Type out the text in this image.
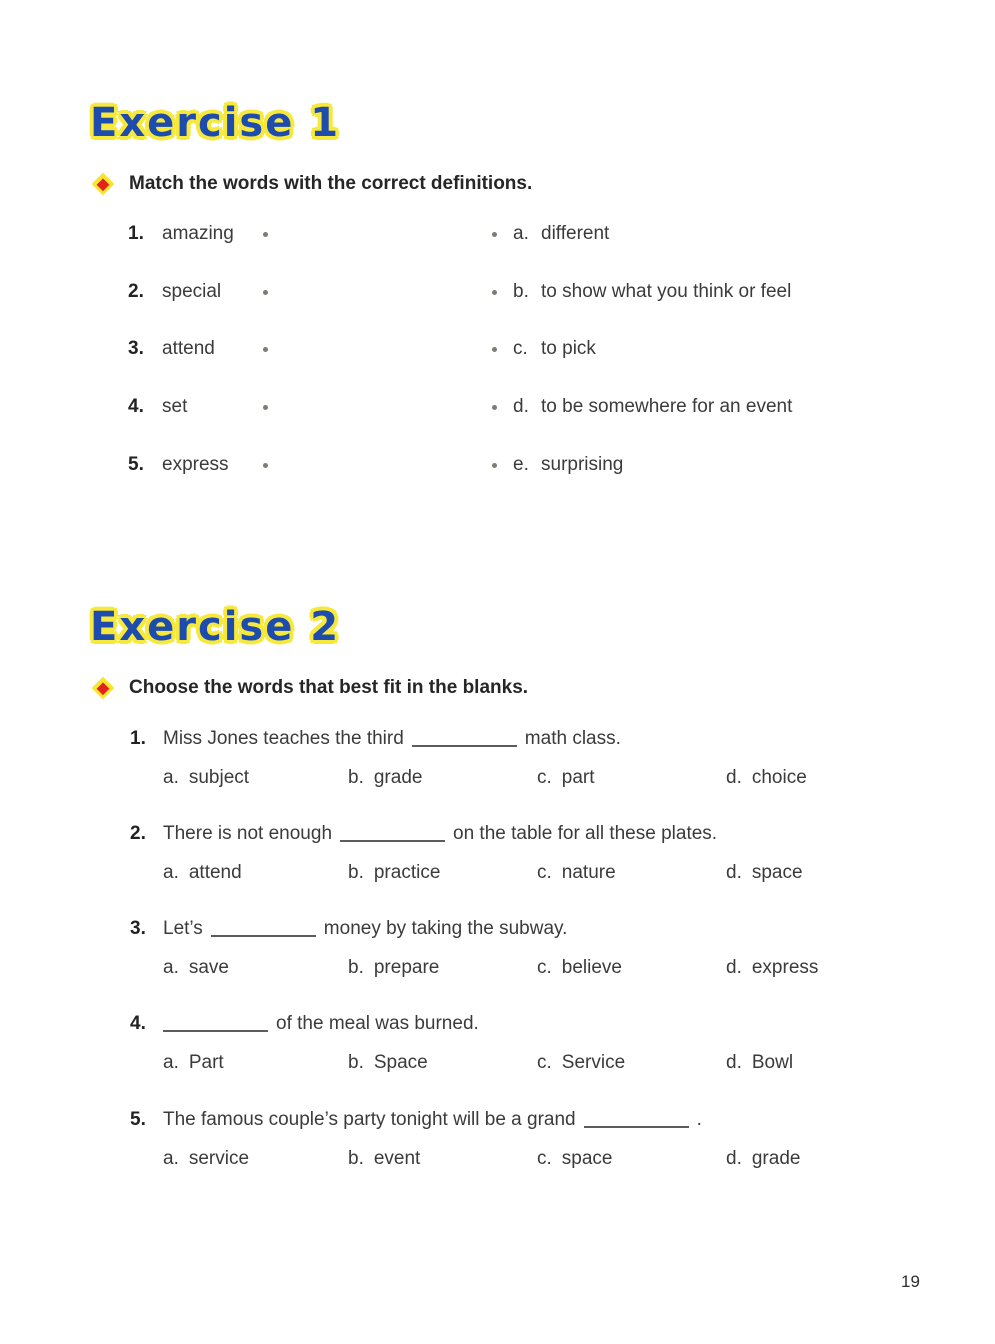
Exercise 1
Match the words with the correct definitions.
1. amazing	a. different
2. special	b. to show what you think or feel
3. attend	c. to pick
4. set	d. to be somewhere for an event
5. express	e. surprising
Exercise 2
Choose the words that best fit in the blanks.
1. Miss Jones teaches the third	math class.
a. subject	b. grade	c. part	d. choice
2. There is not enough	on the table for all these plates.
a. attend	b. practice	c. nature	d. space
3. Let’s	money by taking the subway.
a. save	b. prepare	c. believe	d. express
4.	of the meal was burned.
a. Part	b. Space	c. Service	d. Bowl
5. The famous couple’s party tonight will be a grand	.
a. service	b. event	c. space	d. grade
19
